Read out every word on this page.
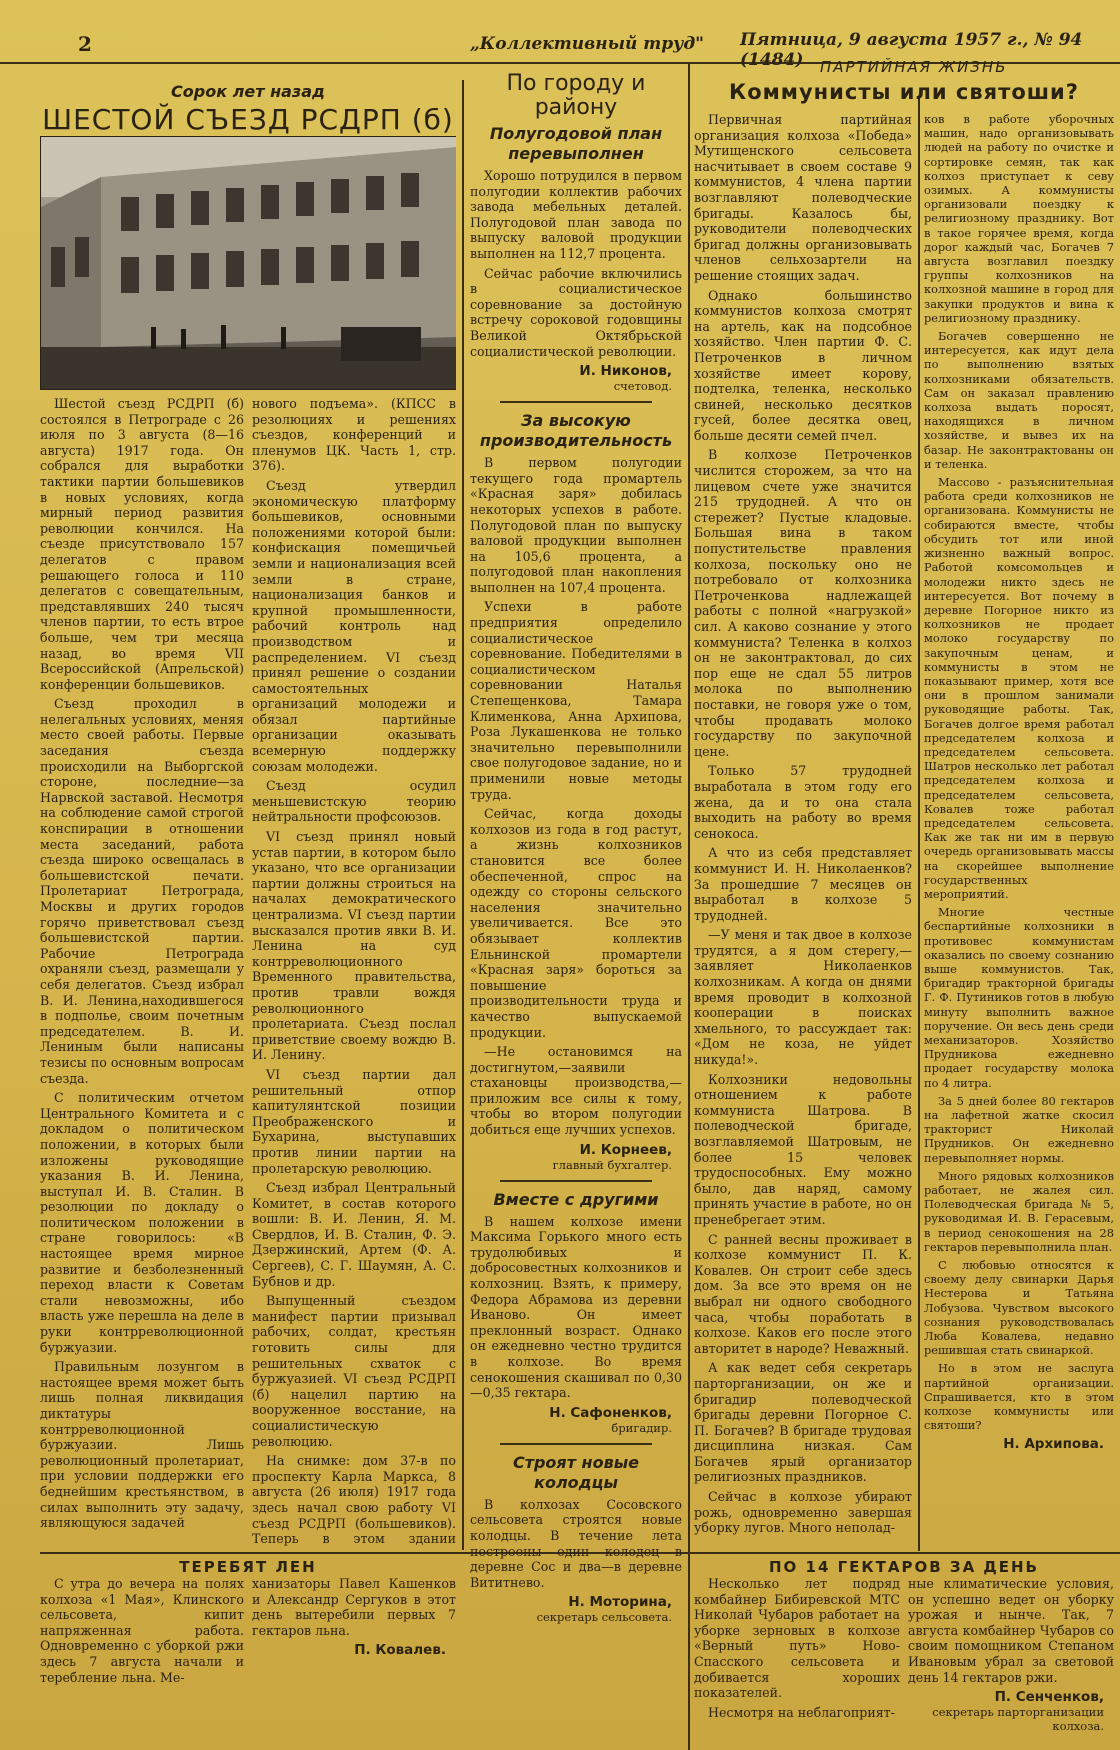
2	„Коллективный труд" Пятница, 9 августа 1957 г., № 94 (1484)	ПАРТИЙНАЯ ЖИЗНЬ
Сорок лет назад
ШЕСТОЙ СЪЕЗД РСДРП (б)

Шестой съезд РСДРП (б) состоялся в Петрограде с 26 июля по 3 августа (8—16 августа) 1917 года. Он собрался для выработки тактики партии большевиков в новых условиях, когда мирный период развития революции кончился. На съезде присутствовало 157 делегатов с правом решающего голоса и 110 делегатов с совещательным, представлявших 240 тысяч членов партии, то есть втрое больше, чем три месяца назад, во время VII Всероссийской (Апрельской) конференции большевиков.

Съезд проходил в нелегальных условиях, меняя место своей работы. Первые заседания съезда происходили на Выборгской стороне, последние—за Нарвской заставой. Несмотря на соблюдение самой строгой конспирации в отношении места заседаний, работа съезда широко освещалась в большевистской печати. Пролетариат Петрограда, Москвы и других городов горячо приветствовал съезд большевистской партии. Рабочие Петрограда охраняли съезд, размещали у себя делегатов. Съезд избрал В. И. Ленина,находившегося в подполье, своим почетным председателем. В. И. Лениным были написаны тезисы по основным вопросам съезда.

С политическим отчетом Центрального Комитета и с докладом о политическом положении, в которых были изложены руководящие указания В. И. Ленина, выступал И. В. Сталин. В резолюции по докладу о политическом положении в стране говорилось: «В настоящее время мирное развитие и безболезненный переход власти к Советам стали невозможны, ибо власть уже перешла на деле в руки контрреволюционной буржуазии.

Правильным лозунгом в настоящее время может быть лишь полная ликвидация диктатуры контрреволюционной буржуазии. Лишь революционный пролетариат, при условии поддержки его беднейшим крестьянством, в силах выполнить эту задачу, являющуюся задачей

нового подъема». (КПСС в резолюциях и решениях съездов, конференций и пленумов ЦК. Часть 1, стр. 376).

Съезд утвердил экономическую платформу большевиков, основными положениями которой были: конфискация помещичьей земли и национализация всей земли в стране, национализация банков и крупной промышленности, рабочий контроль над производством и распределением. VI съезд принял решение о создании самостоятельных организаций молодежи и обязал партийные организации оказывать всемерную поддержку союзам молодежи.

Съезд осудил меньшевистскую теорию нейтральности профсоюзов.

VI съезд принял новый устав партии, в котором было указано, что все организации партии должны строиться на началах демократического централизма. VI съезд партии высказался против явки В. И. Ленина на суд контрреволюционного Временного правительства, против травли вождя революционного пролетариата. Съезд послал приветствие своему вождю В. И. Ленину.

VI съезд партии дал решительный отпор капитулянтской позиции Преображенского и Бухарина, выступавших против линии партии на пролетарскую революцию.

Съезд избрал Центральный Комитет, в состав которого вошли: В. И. Ленин, Я. М. Свердлов, И. В. Сталин, Ф. Э. Дзержинский, Артем (Ф. А. Сергеев), С. Г. Шаумян, А. С. Бубнов и др.

Выпущенный съездом манифест партии призывал рабочих, солдат, крестьян готовить силы для решительных схваток с буржуазией. VI съезд РСДРП (б) нацелил партию на вооруженное восстание, на социалистическую революцию.

На снимке: дом 37-в по проспекту Карла Маркса, 8 августа (26 июля) 1917 года здесь начал свою работу VI съезд РСДРП (большевиков). Теперь в этом здании

ТЕРЕБЯТ ЛЕН

С утра до вечера на полях колхоза «1 Мая», Клинского сельсовета, кипит напряженная работа. Одновременно с уборкой ржи здесь 7 августа начали и теребление льна. Ме-

ханизаторы Павел Кашенков и Александр Сергуков в этот день вытеребили первых 7 гектаров льна.

П. Ковалев.
По городу и району
Полугодовой план перевыполнен

Хорошо потрудился в первом полугодии коллектив рабочих завода мебельных деталей. Полугодовой план завода по выпуску валовой продукции выполнен на 112,7 процента.

Сейчас рабочие включились в социалистическое соревнование за достойную встречу сороковой годовщины Великой Октябрьской социалистической революции.

И. Никонов,
счетовод.
За высокую производительность

В первом полугодии текущего года промартель «Красная заря» добилась некоторых успехов в работе. Полугодовой план по выпуску валовой продукции выполнен на 105,6 процента, а полугодовой план накопления выполнен на 107,4 процента.

Успехи в работе предприятия определило социалистическое соревнование. Победителями в социалистическом соревновании Наталья Степещенкова, Тамара Клименкова, Анна Архипова, Роза Лукашенкова не только значительно перевыполнили свое полугодовое задание, но и применили новые методы труда.

Сейчас, когда доходы колхозов из года в год растут, а жизнь колхозников становится все более обеспеченной, спрос на одежду со стороны сельского населения значительно увеличивается. Все это обязывает коллектив Ельнинской промартели «Красная заря» бороться за повышение производительности труда и качество выпускаемой продукции.

—Не остановимся на достигнутом,—заявили стахановцы производства,—приложим все силы к тому, чтобы во втором полугодии добиться еще лучших успехов.

И. Корнеев,
главный бухгалтер.
Вместе с другими

В нашем колхозе имени Максима Горького много есть трудолюбивых и добросовестных колхозников и колхозниц. Взять, к примеру, Федора Абрамова из деревни Иваново. Он имеет преклонный возраст. Однако он ежедневно честно трудится в колхозе. Во время сенокошения скашивал по 0,30—0,35 гектара.

Н. Сафоненков,
бригадир.
Строят новые колодцы

В колхозах Сосовского сельсовета строятся новые колодцы. В течение лета построены один колодец в деревне Сос и два—в деревне Вититнево.

Н. Моторина,
секретарь сельсовета.
Коммунисты или святоши?

Первичная партийная организация колхоза «Победа» Мутищенского сельсовета насчитывает в своем составе 9 коммунистов, 4 члена партии возглавляют полеводческие бригады. Казалось бы, руководители полеводческих бригад должны организовывать членов сельхозартели на решение стоящих задач.

Однако большинство коммунистов колхоза смотрят на артель, как на подсобное хозяйство. Член партии Ф. С. Петроченков в личном хозяйстве имеет корову, подтелка, теленка, несколько свиней, несколько десятков гусей, более десятка овец, больше десяти семей пчел.

В колхозе Петроченков числится сторожем, за что на лицевом счете уже значится 215 трудодней. А что он стережет? Пустые кладовые. Большая вина в таком попустительстве правления колхоза, поскольку оно не потребовало от колхозника Петроченкова надлежащей работы с полной «нагрузкой» сил. А каково сознание у этого коммуниста? Теленка в колхоз он не законтрактовал, до сих пор еще не сдал 55 литров молока по выполнению поставки, не говоря уже о том, чтобы продавать молоко государству по закупочной цене.

Только 57 трудодней выработала в этом году его жена, да и то она стала выходить на работу во время сенокоса.

А что из себя представляет коммунист И. Н. Николаенков? За прошедшие 7 месяцев он выработал в колхозе 5 трудодней.

—У меня и так двое в колхозе трудятся, а я дом стерегу,—заявляет Николаенков колхозникам. А когда он днями время проводит в колхозной кооперации в поисках хмельного, то рассуждает так: «Дом не коза, не уйдет никуда!».

Колхозники недовольны отношением к работе коммуниста Шатрова. В полеводческой бригаде, возглавляемой Шатровым, не более 15 человек трудоспособных. Ему можно было, дав наряд, самому принять участие в работе, но он пренебрегает этим.

С ранней весны проживает в колхозе коммунист П. К. Ковалев. Он строит себе здесь дом. За все это время он не выбрал ни одного свободного часа, чтобы поработать в колхозе. Каков его после этого авторитет в народе? Неважный.

А как ведет себя секретарь парторганизации, он же и бригадир полеводческой бригады деревни Погорное С. П. Богачев? В бригаде трудовая дисциплина низкая. Сам Богачев ярый организатор религиозных праздников.

Сейчас в колхозе убирают рожь, одновременно завершая уборку лугов. Много неполад-

ков в работе уборочных машин, надо организовывать людей на работу по очистке и сортировке семян, так как колхоз приступает к севу озимых. А коммунисты организовали поездку к религиозному празднику. Вот в такое горячее время, когда дорог каждый час, Богачев 7 августа возглавил поездку группы колхозников на колхозной машине в город для закупки продуктов и вина к религиозному празднику.

Богачев совершенно не интересуется, как идут дела по выполнению взятых колхозниками обязательств. Сам он заказал правлению колхоза выдать поросят, находящихся в личном хозяйстве, и вывез их на базар. Не законтрактованы он и теленка.

Массово - разъяснительная работа среди колхозников не организована. Коммунисты не собираются вместе, чтобы обсудить тот или иной жизненно важный вопрос. Работой комсомольцев и молодежи никто здесь не интересуется. Вот почему в деревне Погорное никто из колхозников не продает молоко государству по закупочным ценам, и коммунисты в этом не показывают пример, хотя все они в прошлом занимали руководящие работы. Так, Богачев долгое время работал председателем колхоза и председателем сельсовета. Шатров несколько лет работал председателем колхоза и председателем сельсовета, Ковалев тоже работал председателем сельсовета. Как же так ни им в первую очередь организовывать массы на скорейшее выполнение государственных мероприятий.

Многие честные беспартийные колхозники в противовес коммунистам оказались по своему сознанию выше коммунистов. Так, бригадир тракторной бригады Г. Ф. Путиников готов в любую минуту выполнить важное поручение. Он весь день среди механизаторов. Хозяйство Прудникова ежедневно продает государству молока по 4 литра.

За 5 дней более 80 гектаров на лафетной жатке скосил тракторист Николай Прудников. Он ежедневно перевыполняет нормы.

Много рядовых колхозников работает, не жалея сил. Полеводческая бригада № 5, руководимая И. В. Герасевым, в период сенокошения на 28 гектаров перевыполнила план.

С любовью относятся к своему делу свинарки Дарья Нестерова и Татьяна Лобузова. Чувством высокого сознания руководствовалась Люба Ковалева, недавно решившая стать свинаркой.

Но в этом не заслуга партийной организации. Спрашивается, кто в этом колхозе коммунисты или святоши?

Н. Архипова.
ПО 14 ГЕКТАРОВ ЗА ДЕНЬ

Несколько лет подряд комбайнер Бибиревской МТС Николай Чубаров работает на уборке зерновых в колхозе «Верный путь» Ново-Спасского сельсовета и добивается хороших показателей.

Несмотря на неблагоприят-

ные климатические условия, он успешно ведет он уборку урожая и нынче. Так, 7 августа комбайнер Чубаров со своим помощником Степаном Ивановым убрал за световой день 14 гектаров ржи.

П. Сенченков,
секретарь парторганизации колхоза.
